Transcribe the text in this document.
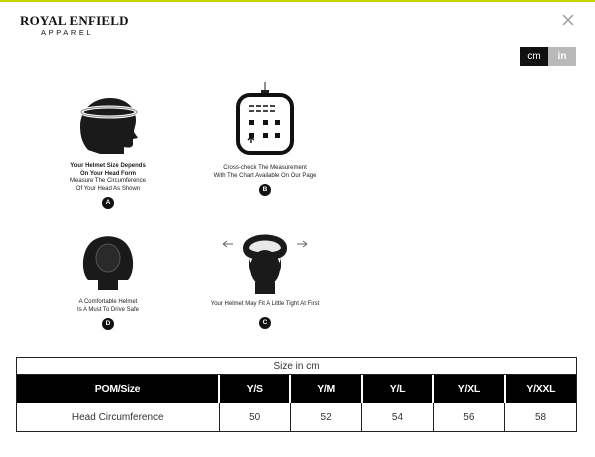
ROYAL ENFIELD
APPAREL
cm	in
Your Helmet Size Depends
On Your Head Form
Measure The Circumference
Of Your Head As Shown
A
Cross-check The Measurement
With The Chart Available On Our Page
B
A Comfortable Helmet
Is A Must To Drive Safe
D
Your Helmet May Fit A Little Tight At First
C
Size in cm
POM/Size	Y/S	Y/M	Y/L	Y/XL	Y/XXL
Head Circumference	50	52	54	56	58
